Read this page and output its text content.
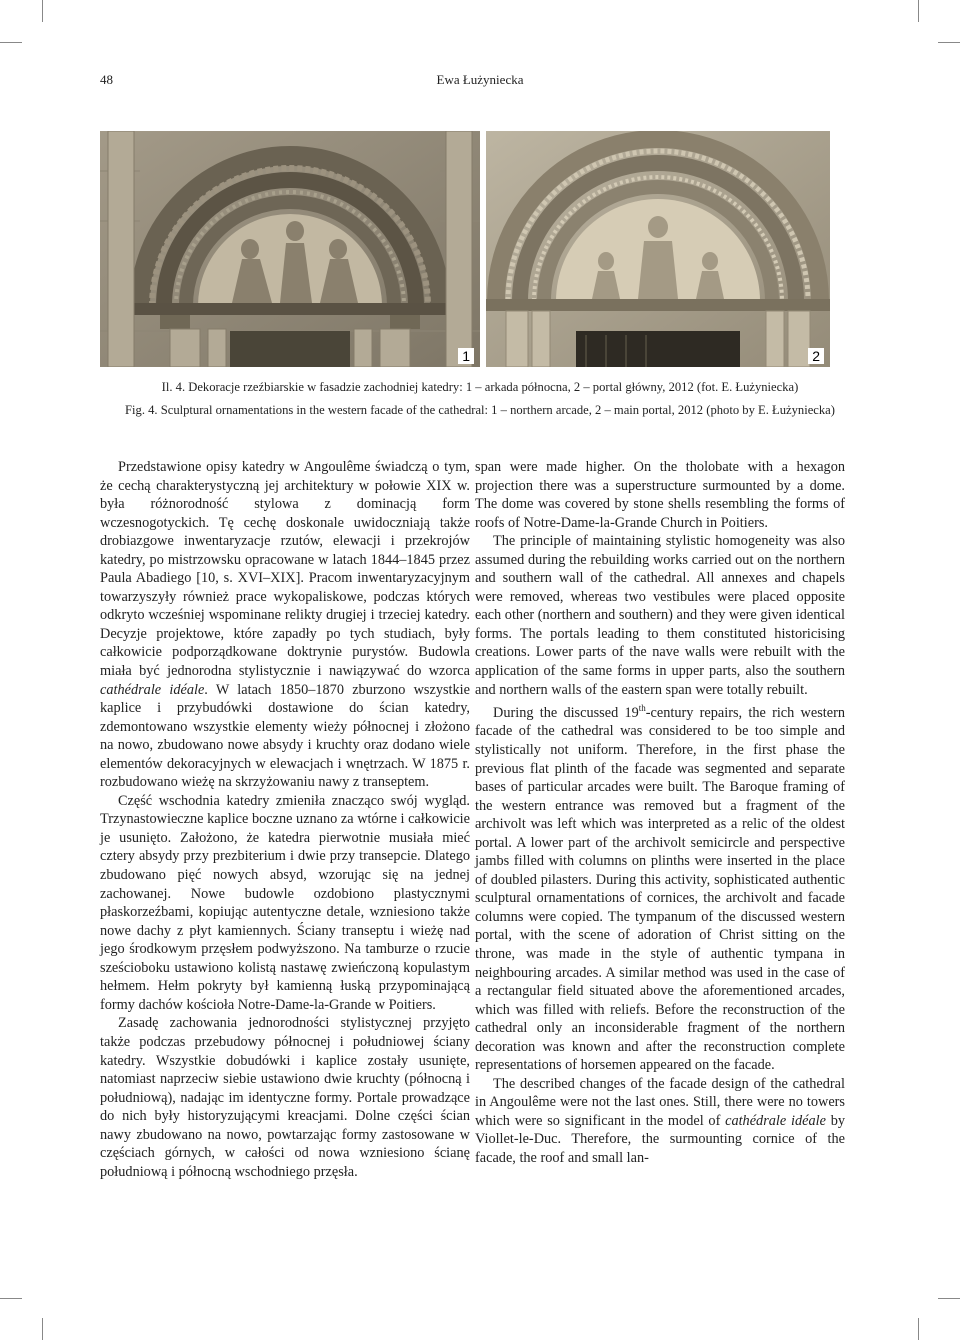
48	Ewa Łużyniecka
1	2
Il. 4. Dekoracje rzeźbiarskie w fasadzie zachodniej katedry: 1 – arkada północna, 2 – portal główny, 2012 (fot. E. Łużyniecka)
Fig. 4. Sculptural ornamentations in the western facade of the cathedral: 1 – northern arcade, 2 – main portal, 2012 (photo by E. Łużyniecka)

Przedstawione opisy katedry w Angoulême świadczą o tym, że cechą charakterystyczną jej architektury w połowie XIX w. była różnorodność stylowa z dominacją form wczesnogotyckich. Tę cechę doskonale uwidoczniają także drobiazgowe inwentaryzacje rzutów, elewacji i przekrojów katedry, po mistrzowsku opracowane w latach 1844–1845 przez Paula Abadiego [10, s. XVI–XIX]. Pracom inwentaryzacyjnym towarzyszyły również prace wykopaliskowe, podczas których odkryto wcześniej wspominane relikty drugiej i trzeciej katedry. Decyzje projektowe, które zapadły po tych studiach, były całkowicie podporządkowane doktrynie purystów. Budowla miała być jednorodna stylistycznie i nawiązywać do wzorca cathédrale idéale. W latach 1850–1870 zburzono wszystkie kaplice i przybudówki dostawione do ścian katedry, zdemontowano wszystkie elementy wieży północnej i złożono na nowo, zbudowano nowe absydy i kruchty oraz dodano wiele elementów dekoracyjnych w elewacjach i wnętrzach. W 1875 r. rozbudowano wieżę na skrzyżowaniu nawy z transeptem.

Część wschodnia katedry zmieniła znacząco swój wygląd. Trzynastowieczne kaplice boczne uznano za wtórne i całkowicie je usunięto. Założono, że katedra pierwotnie musiała mieć cztery absydy przy prezbiterium i dwie przy transepcie. Dlatego zbudowano pięć nowych absyd, wzorując się na jednej zachowanej. Nowe budowle ozdobiono plastycznymi płaskorzeźbami, kopiując autentyczne detale, wzniesiono także nowe dachy z płyt kamiennych. Ściany transeptu i wieżę nad jego środkowym przęsłem podwyższono. Na tamburze o rzucie sześcioboku ustawiono kolistą nastawę zwieńczoną kopulastym hełmem. Hełm pokryty był kamienną łuską przypominającą formy dachów kościoła Notre-Dame-la-Grande w Poitiers.

Zasadę zachowania jednorodności stylistycznej przyjęto także podczas przebudowy północnej i południowej ściany katedry. Wszystkie dobudówki i kaplice zostały usunięte, natomiast naprzeciw siebie ustawiono dwie kruchty (północną i południową), nadając im identyczne formy. Portale prowadzące do nich były historyzującymi kreacjami. Dolne części ścian nawy zbudowano na nowo, powtarzając formy zastosowane w częściach górnych, w całości od nowa wzniesiono ścianę południową i północną wschodniego przęsła.

span were made higher. On the tholobate with a hexagon projection there was a superstructure surmounted by a dome. The dome was covered by stone shells resembling the forms of roofs of Notre-Dame-la-Grande Church in Poitiers.

The principle of maintaining stylistic homogeneity was also assumed during the rebuilding works carried out on the northern and southern wall of the cathedral. All annexes and chapels were removed, whereas two vestibules were placed opposite each other (northern and southern) and they were given identical forms. The portals leading to them constituted historicising creations. Lower parts of the nave walls were rebuilt with the application of the same forms in upper parts, also the southern and northern walls of the eastern span were totally rebuilt.

During the discussed 19th-century repairs, the rich western facade of the cathedral was considered to be too simple and stylistically not uniform. Therefore, in the first phase the previous flat plinth of the facade was segmented and separate bases of particular arcades were built. The Baroque framing of the western entrance was removed but a fragment of the archivolt was left which was interpreted as a relic of the oldest portal. A lower part of the archivolt semicircle and perspective jambs filled with columns on plinths were inserted in the place of doubled pilasters. During this activity, sophisticated authentic sculptural ornamentations of cornices, the archivolt and facade columns were copied. The tympanum of the discussed western portal, with the scene of adoration of Christ sitting on the throne, was made in the style of authentic tympana in neighbouring arcades. A similar method was used in the case of a rectangular field situated above the aforementioned arcades, which was filled with reliefs. Before the reconstruction of the cathedral only an inconsiderable fragment of the northern decoration was known and after the reconstruction complete representations of horsemen appeared on the facade.

The described changes of the facade design of the cathedral in Angoulême were not the last ones. Still, there were no towers which were so significant in the model of cathédrale idéale by Viollet-le-Duc. Therefore, the surmounting cornice of the facade, the roof and small lan-
